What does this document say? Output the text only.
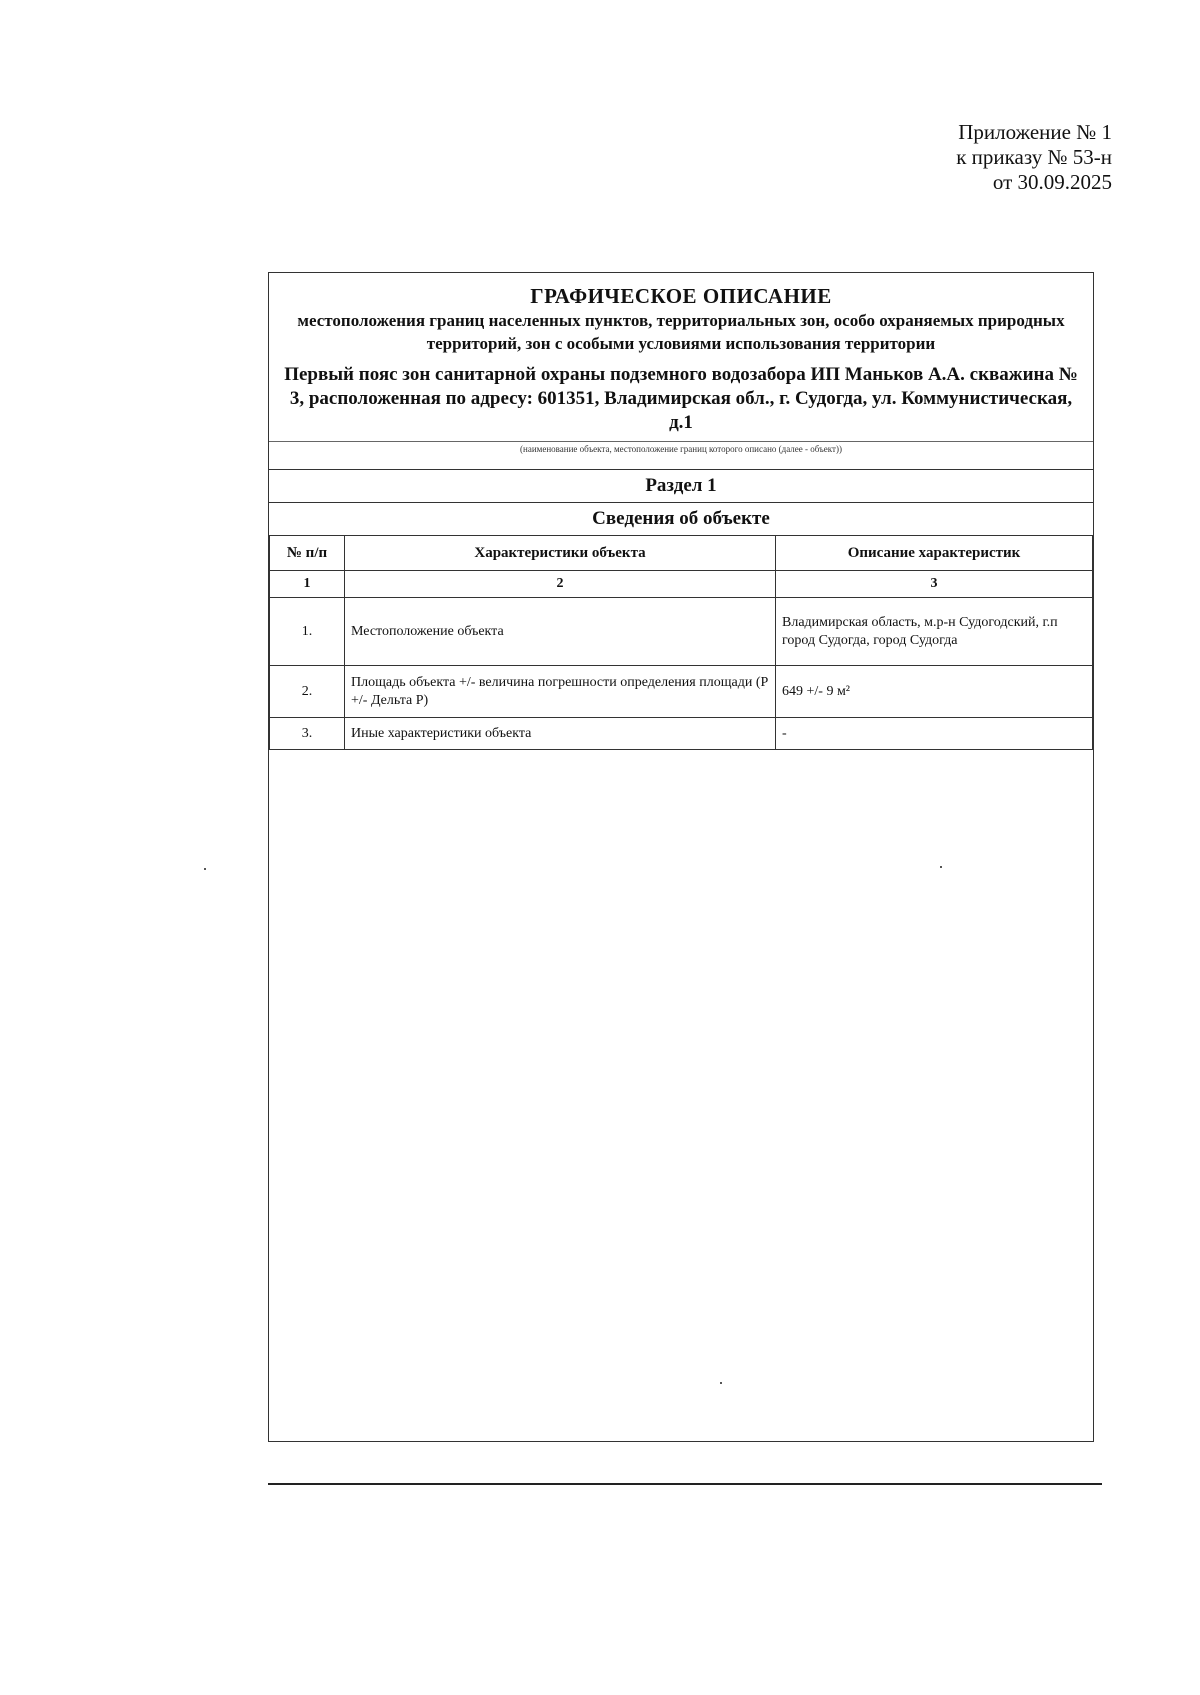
Приложение № 1
к приказу № 53-н
от 30.09.2025
ГРАФИЧЕСКОЕ ОПИСАНИЕ
местоположения границ населенных пунктов, территориальных зон, особо охраняемых природных территорий, зон с особыми условиями использования территории
Первый пояс зон санитарной охраны подземного водозабора ИП Маньков А.А. скважина № 3, расположенная по адресу: 601351, Владимирская обл., г. Судогда, ул. Коммунистическая, д.1
(наименование объекта, местоположение границ которого описано (далее - объект))
Раздел 1
Сведения об объекте
№ п/п	Характеристики объекта	Описание характеристик
1	2	3
1.	Местоположение объекта	Владимирская область, м.р-н Судогодский, г.п город Судогда, город Судогда
2.	Площадь объекта +/- величина погрешности определения площади (Р +/- Дельта Р)	649 +/- 9 м²
3.	Иные характеристики объекта	-
